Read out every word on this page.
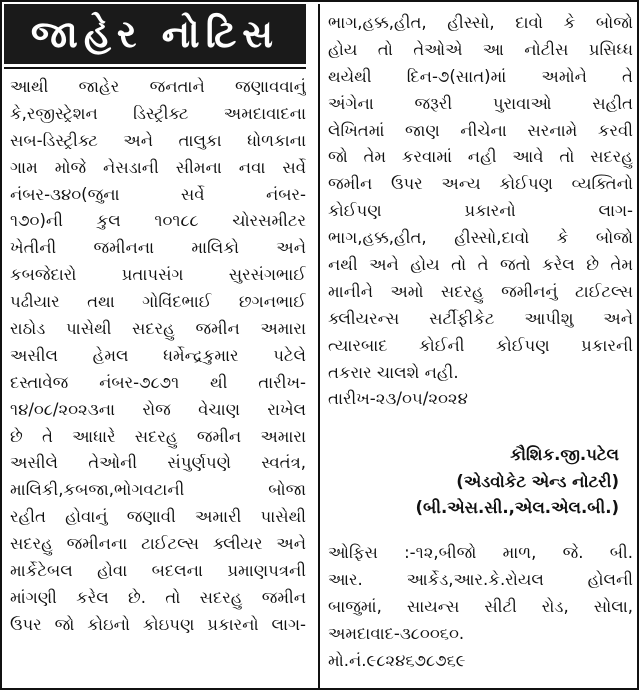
જાહેર નોટિસ
આથી જાહેર જનતાને જણાવવાનું
કે,રજીસ્ટ્રેશન ડિસ્ટ્રીક્ટ અમદાવાદના
સબ-ડિસ્ટ્રીક્ટ અને તાલુકા ધોળકાના
ગામ મોજે નેસડાની સીમના નવા સર્વે
નંબર-૩૪૦(જુના સર્વે નંબર-
૧૭૦)ની કુલ ૧૦૧૮૮ ચોરસમીટર
ખેતીની જમીનના માલિકો અને
કબજેદારો પ્રતાપસંગ સુરસંગભાઈ
પઢીયાર તથા ગોવિંદભાઈ છગનભાઈ
રાઠોડ પાસેથી સદરહુ જમીન અમારા
અસીલ હેમલ ધર્મેન્દ્રકુમાર પટેલે
દસ્તાવેજ નંબર-૭૮૭૧ થી તારીખ-
૧૪/૦૮/૨૦૨૩ના રોજ વેચાણ રાખેલ
છે તે આધારે સદરહુ જમીન અમારા
અસીલે તેઓની સંપુર્ણપણે સ્વતંત્ર,
માલિકી,કબજા,ભોગવટાની બોજા
રહીત હોવાનું જણાવી અમારી પાસેથી
સદરહુ જમીનના ટાઈટલ્સ ક્લીયર અને
માર્કેટેબલ હોવા બદલના પ્રમાણપત્રની
માંગણી કરેલ છે. તો સદરહુ જમીન
ઉપર જો કોઇનો કોઇપણ પ્રકારનો લાગ-
ભાગ,હક્ક,હીત, હીસ્સો, દાવો કે બોજો
હોય તો તેઓએ આ નોટીસ પ્રસિધ્ધ
થયેથી દિન-૭(સાત)માં અમોને તે
અંગેના જરૂરી પુરાવાઓ સહીત
લેખિતમાં જાણ નીચેના સરનામે કરવી
જો તેમ કરવામાં નહી આવે તો સદરહુ
જમીન ઉપર અન્ય કોઈપણ વ્યક્તિનો
કોઈપણ પ્રકારનો લાગ-
ભાગ,હક્ક,હીત, હીસ્સો,દાવો કે બોજો
નથી અને હોય તો તે જતો કરેલ છે તેમ
માનીને અમો સદરહુ જમીનનું ટાઈટલ્સ
ક્લીયરન્સ સર્ટીફીકેટ આપીશુ અને
ત્યારબાદ કોઈની કોઈપણ પ્રકારની
તકરાર ચાલશે નહી.
તારીખ-૨૩/૦૫/૨૦૨૪
કૌશિક.જી.પટેલ
(એડવોકેટ એન્ડ નોટરી)
(બી.એસ.સી.,એલ.એલ.બી.)
ઓફિસ :-૧૨,બીજો માળ, જે. બી.
આર. આર્કેડ,આર.કે.રોયલ હોલની
બાજુમાં, સાયન્સ સીટી રોડ, સોલા,
અમદાવાદ-૩૮૦૦૬૦.
મો.નં.૯૮૨૪૬૭૮૭૬૯
